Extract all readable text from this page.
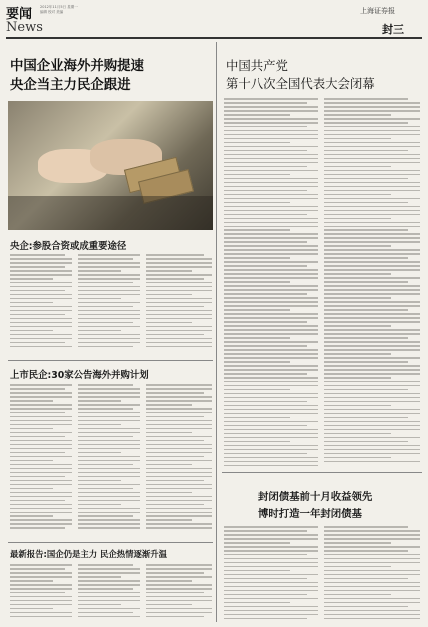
要闻
News
2012年11月5日 星期一
编辑 校对 美编	上海证券报
封三
中国企业海外并购提速
央企当主力民企跟进
央企:参股合资或成重要途径
上市民企:30家公告海外并购计划
最新报告:国企仍是主力 民企热情逐渐升温
中国共产党
第十八次全国代表大会闭幕
封闭债基前十月收益领先
博时打造一年封闭债基
